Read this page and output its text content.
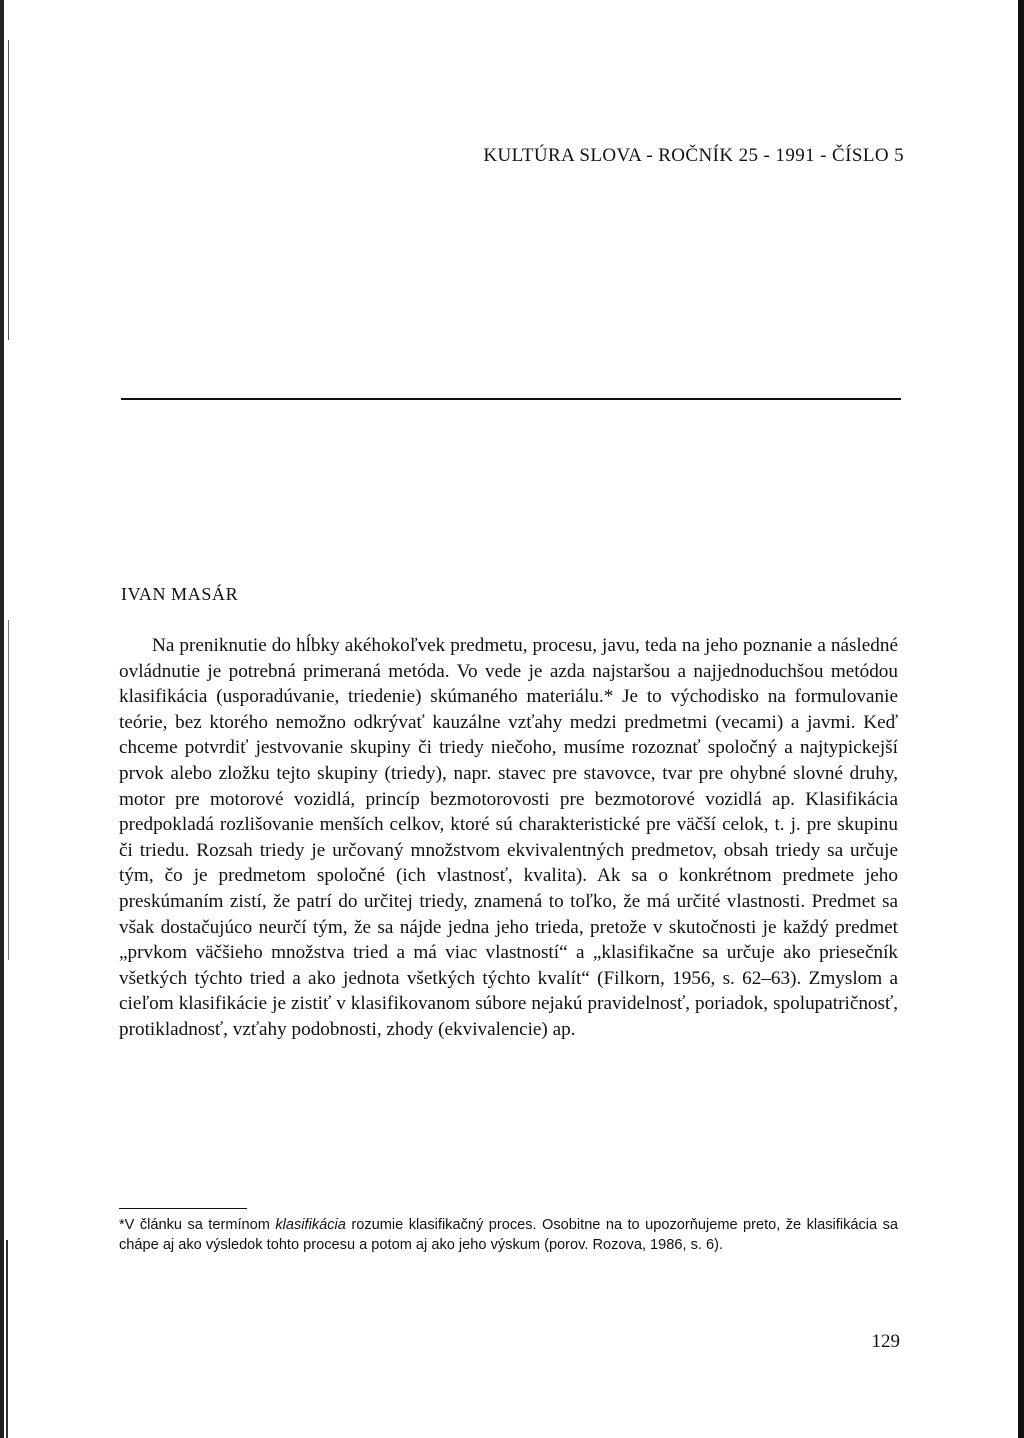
KULTÚRA SLOVA - ROČNÍK 25 - 1991 - ČÍSLO 5
IVAN MASÁR

Na preniknutie do hĺbky akéhokoľvek predmetu, procesu, javu, teda na jeho poznanie a následné ovládnutie je potrebná primeraná metóda. Vo vede je azda najstaršou a najjednoduchšou metódou klasifikácia (usporadúvanie, triedenie) skúmaného materiálu.* Je to východisko na formulovanie teórie, bez ktorého nemožno odkrývať kauzálne vzťahy medzi predmetmi (vecami) a javmi. Keď chceme potvrdiť jestvovanie skupiny či triedy niečoho, musíme rozoznať spoločný a najtypickejší prvok alebo zložku tejto skupiny (triedy), napr. stavec pre stavovce, tvar pre ohybné slovné druhy, motor pre motorové vozidlá, princíp bezmotorovosti pre bezmotorové vozidlá ap. Klasifikácia predpokladá rozlišovanie menších celkov, ktoré sú charakteristické pre väčší celok, t. j. pre skupinu či triedu. Rozsah triedy je určovaný množstvom ekvivalentných predmetov, obsah triedy sa určuje tým, čo je predmetom spoločné (ich vlastnosť, kvalita). Ak sa o konkrétnom predmete jeho preskúmaním zistí, že patrí do určitej triedy, znamená to toľko, že má určité vlastnosti. Predmet sa však dostačujúco neurčí tým, že sa nájde jedna jeho trieda, pretože v skutočnosti je každý predmet „prvkom väčšieho množstva tried a má viac vlastností“ a „klasifikačne sa určuje ako priesečník všetkých týchto tried a ako jednota všetkých týchto kvalít“ (Filkorn, 1956, s. 62–63). Zmyslom a cieľom klasifikácie je zistiť v klasifikovanom súbore nejakú pravidelnosť, poriadok, spolupatričnosť, protikladnosť, vzťahy podobnosti, zhody (ekvivalencie) ap.

*V článku sa termínom klasifikácia rozumie klasifikačný proces. Osobitne na to upozorňujeme preto, že klasifikácia sa chápe aj ako výsledok tohto procesu a potom aj ako jeho výskum (porov. Rozova, 1986, s. 6).
129
